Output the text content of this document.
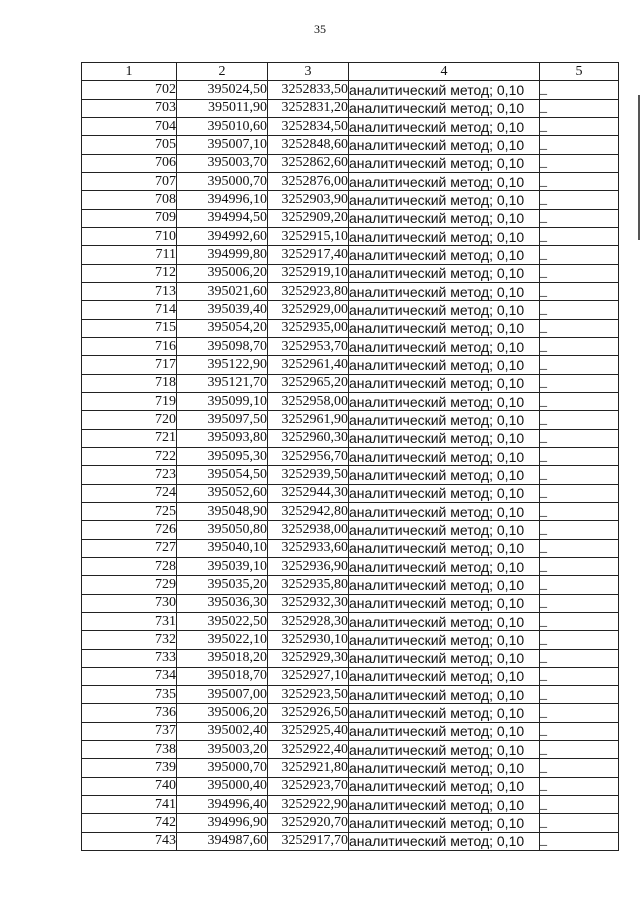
35
1	2	3	4	5
702	395024,50	3252833,50	аналитический метод; 0,10	_
703	395011,90	3252831,20	аналитический метод; 0,10	_
704	395010,60	3252834,50	аналитический метод; 0,10	_
705	395007,10	3252848,60	аналитический метод; 0,10	_
706	395003,70	3252862,60	аналитический метод; 0,10	_
707	395000,70	3252876,00	аналитический метод; 0,10	_
708	394996,10	3252903,90	аналитический метод; 0,10	_
709	394994,50	3252909,20	аналитический метод; 0,10	_
710	394992,60	3252915,10	аналитический метод; 0,10	_
711	394999,80	3252917,40	аналитический метод; 0,10	_
712	395006,20	3252919,10	аналитический метод; 0,10	_
713	395021,60	3252923,80	аналитический метод; 0,10	_
714	395039,40	3252929,00	аналитический метод; 0,10	_
715	395054,20	3252935,00	аналитический метод; 0,10	_
716	395098,70	3252953,70	аналитический метод; 0,10	_
717	395122,90	3252961,40	аналитический метод; 0,10	_
718	395121,70	3252965,20	аналитический метод; 0,10	_
719	395099,10	3252958,00	аналитический метод; 0,10	_
720	395097,50	3252961,90	аналитический метод; 0,10	_
721	395093,80	3252960,30	аналитический метод; 0,10	_
722	395095,30	3252956,70	аналитический метод; 0,10	_
723	395054,50	3252939,50	аналитический метод; 0,10	_
724	395052,60	3252944,30	аналитический метод; 0,10	_
725	395048,90	3252942,80	аналитический метод; 0,10	_
726	395050,80	3252938,00	аналитический метод; 0,10	_
727	395040,10	3252933,60	аналитический метод; 0,10	_
728	395039,10	3252936,90	аналитический метод; 0,10	_
729	395035,20	3252935,80	аналитический метод; 0,10	_
730	395036,30	3252932,30	аналитический метод; 0,10	_
731	395022,50	3252928,30	аналитический метод; 0,10	_
732	395022,10	3252930,10	аналитический метод; 0,10	_
733	395018,20	3252929,30	аналитический метод; 0,10	_
734	395018,70	3252927,10	аналитический метод; 0,10	_
735	395007,00	3252923,50	аналитический метод; 0,10	_
736	395006,20	3252926,50	аналитический метод; 0,10	_
737	395002,40	3252925,40	аналитический метод; 0,10	_
738	395003,20	3252922,40	аналитический метод; 0,10	_
739	395000,70	3252921,80	аналитический метод; 0,10	_
740	395000,40	3252923,70	аналитический метод; 0,10	_
741	394996,40	3252922,90	аналитический метод; 0,10	_
742	394996,90	3252920,70	аналитический метод; 0,10	_
743	394987,60	3252917,70	аналитический метод; 0,10	_
